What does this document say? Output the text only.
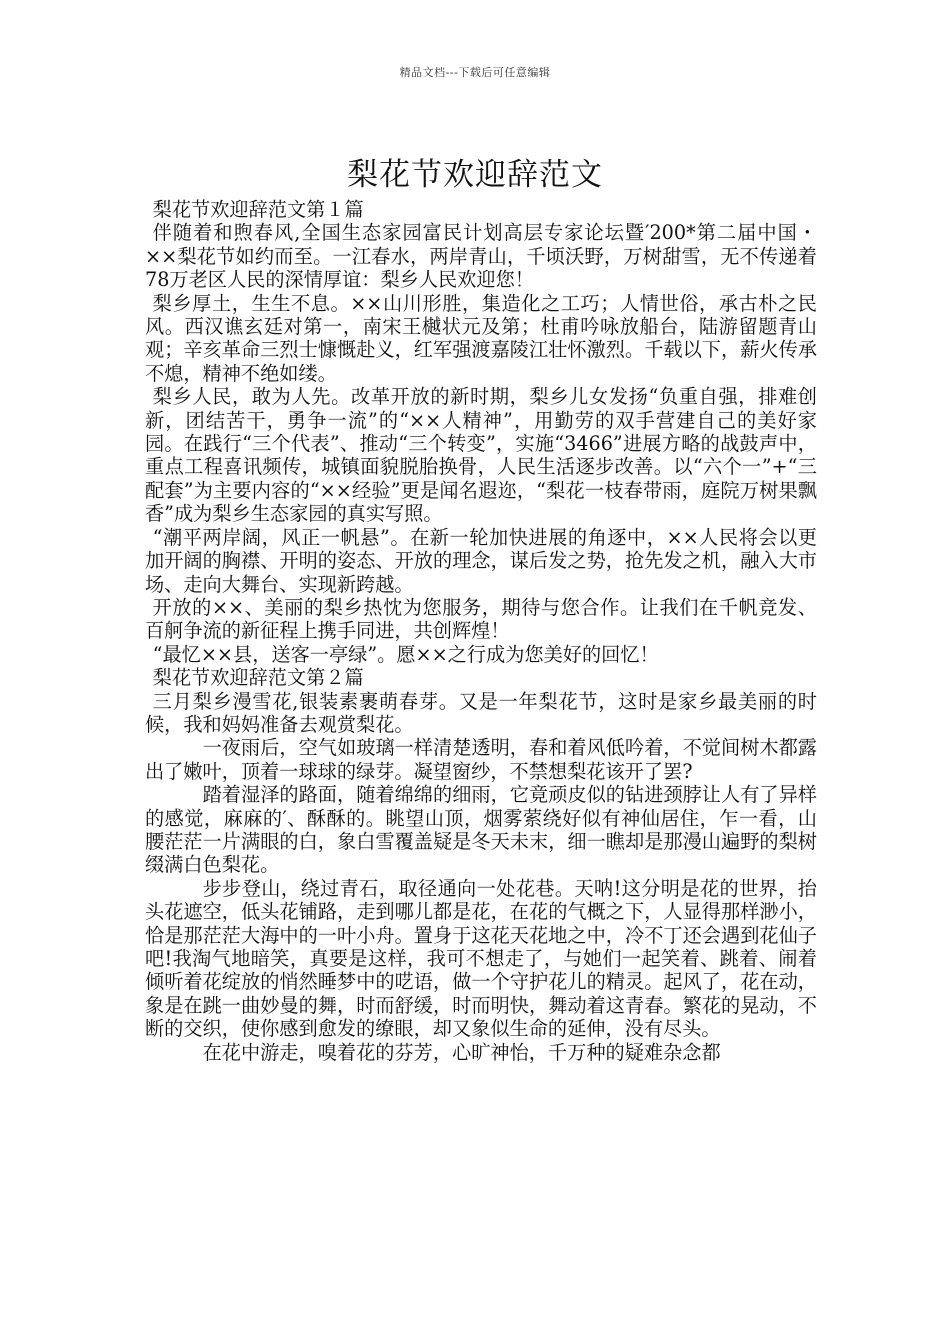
精品文档---下载后可任意编辑
梨花节欢迎辞范文

梨花节欢迎辞范文第１篇

伴随着和煦春风,全国生态家园富民计划高层专家论坛暨′200*第二届中国・××梨花节如约而至。一江春水，两岸青山，千顷沃野，万树甜雪，无不传递着78万老区人民的深情厚谊：梨乡人民欢迎您！

梨乡厚土，生生不息。××山川形胜，集造化之工巧；人情世俗，承古朴之民风。西汉谯玄廷对第一，南宋王樾状元及第；杜甫吟咏放船台，陆游留题青山观；辛亥革命三烈士慷慨赴义，红军强渡嘉陵江壮怀激烈。千载以下，薪火传承不熄，精神不绝如缕。

梨乡人民，敢为人先。改革开放的新时期，梨乡儿女发扬“负重自强，排难创新，团结苦干，勇争一流”的“××人精神”，用勤劳的双手营建自己的美好家园。在践行“三个代表”、推动“三个转变”，实施“3466”进展方略的战鼓声中，重点工程喜讯频传，城镇面貌脱胎换骨，人民生活逐步改善。以“六个一”+“三配套”为主要内容的“××经验”更是闻名遐迩，“梨花一枝春带雨，庭院万树果飘香”成为梨乡生态家园的真实写照。

“潮平两岸阔，风正一帆悬”。在新一轮加快进展的角逐中，××人民将会以更加开阔的胸襟、开明的姿态、开放的理念，谋后发之势，抢先发之机，融入大市场、走向大舞台、实现新跨越。

开放的××、美丽的梨乡热忱为您服务，期待与您合作。让我们在千帆竞发、百舸争流的新征程上携手同进，共创辉煌！

“最忆××县，送客一亭绿”。愿××之行成为您美好的回忆！

梨花节欢迎辞范文第２篇

三月梨乡漫雪花,银装素裹萌春芽。又是一年梨花节，这时是家乡最美丽的时候，我和妈妈准备去观赏梨花。

一夜雨后，空气如玻璃一样清楚透明，春和着风低吟着，不觉间树木都露出了嫩叶，顶着一球球的绿芽。凝望窗纱，不禁想梨花该开了罢?

踏着湿泽的路面，随着绵绵的细雨，它竟顽皮似的钻进颈脖让人有了异样的感觉，麻麻的′、酥酥的。眺望山顶，烟雾萦绕好似有神仙居住，乍一看，山腰茫茫一片满眼的白，象白雪覆盖疑是冬天未末，细一瞧却是那漫山遍野的梨树缀满白色梨花。

步步登山，绕过青石，取径通向一处花巷。天呐!这分明是花的世界，抬头花遮空，低头花铺路，走到哪儿都是花，在花的气概之下，人显得那样渺小，恰是那茫茫大海中的一叶小舟。置身于这花天花地之中，冷不丁还会遇到花仙子吧!我淘气地暗笑，真要是这样，我可不想走了，与她们一起笑着、跳着、闹着倾听着花绽放的悄然睡梦中的呓语，做一个守护花儿的精灵。起风了，花在动，象是在跳一曲妙曼的舞，时而舒缓，时而明快，舞动着这青春。繁花的晃动，不断的交织，使你感到愈发的缭眼，却又象似生命的延伸，没有尽头。

在花中游走，嗅着花的芬芳，心旷神怡，千万种的疑难杂念都
